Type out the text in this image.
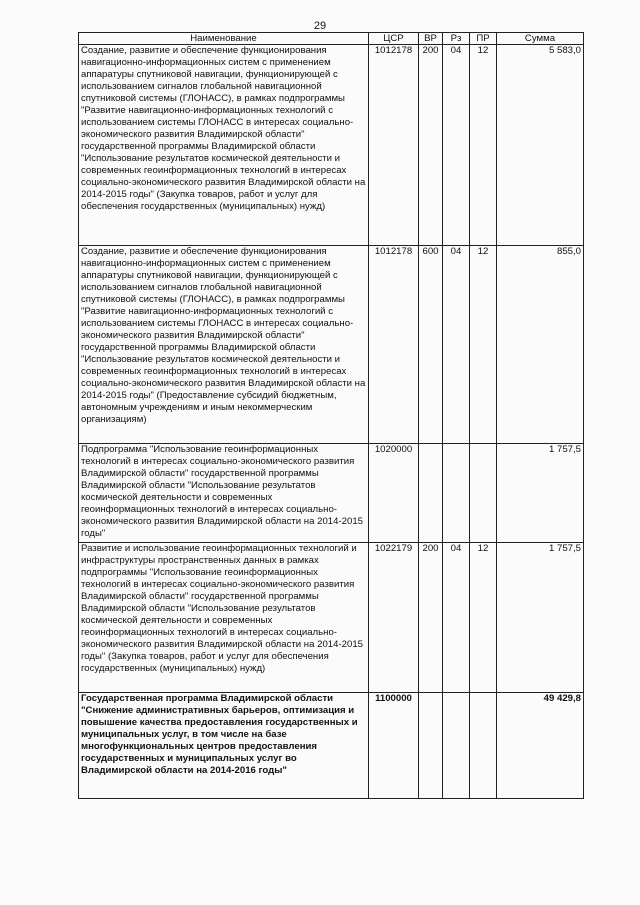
29
Наименование	ЦСР	ВР	Рз	ПР	Сумма
Создание, развитие и обеспечение функционирования навигационно-информационных систем с применением аппаратуры спутниковой навигации, функционирующей с использованием сигналов глобальной навигационной спутниковой системы (ГЛОНАСС), в рамках подпрограммы "Развитие навигационно-информационных технологий с использованием системы ГЛОНАСС в интересах социально-экономического развития Владимирской области" государственной программы Владимирской области "Использование результатов космической деятельности и современных геоинформационных технологий в интересах социально-экономического развития Владимирской области на 2014-2015 годы" (Закупка товаров, работ и услуг для обеспечения государственных (муниципальных) нужд)	1012178	200	04	12	5 583,0
Создание, развитие и обеспечение функционирования навигационно-информационных систем с применением аппаратуры спутниковой навигации, функционирующей с использованием сигналов глобальной навигационной спутниковой системы (ГЛОНАСС), в рамках подпрограммы "Развитие навигационно-информационных технологий с использованием системы ГЛОНАСС в интересах социально-экономического развития Владимирской области" государственной программы Владимирской области "Использование результатов космической деятельности и современных геоинформационных технологий в интересах социально-экономического развития Владимирской области на 2014-2015 годы" (Предоставление субсидий бюджетным, автономным учреждениям и иным некоммерческим организациям)	1012178	600	04	12	855,0
Подпрограмма "Использование геоинформационных технологий в интересах социально-экономического развития Владимирской области" государственной программы Владимирской области "Использование результатов космической деятельности и современных геоинформационных технологий в интересах социально-экономического развития Владимирской области на 2014-2015 годы"	1020000				1 757,5
Развитие и использование геоинформационных технологий и инфраструктуры пространственных данных в рамках подпрограммы "Использование геоинформационных технологий в интересах социально-экономического развития Владимирской области" государственной программы Владимирской области "Использование результатов космической деятельности и современных геоинформационных технологий в интересах социально-экономического развития Владимирской области на 2014-2015 годы" (Закупка товаров, работ и услуг для обеспечения государственных (муниципальных) нужд)	1022179	200	04	12	1 757,5
Государственная программа Владимирской области "Снижение административных барьеров, оптимизация и повышение качества предоставления государственных и муниципальных услуг, в том числе на базе многофункциональных центров предоставления государственных и муниципальных услуг во Владимирской области на 2014-2016 годы"	1100000				49 429,8
